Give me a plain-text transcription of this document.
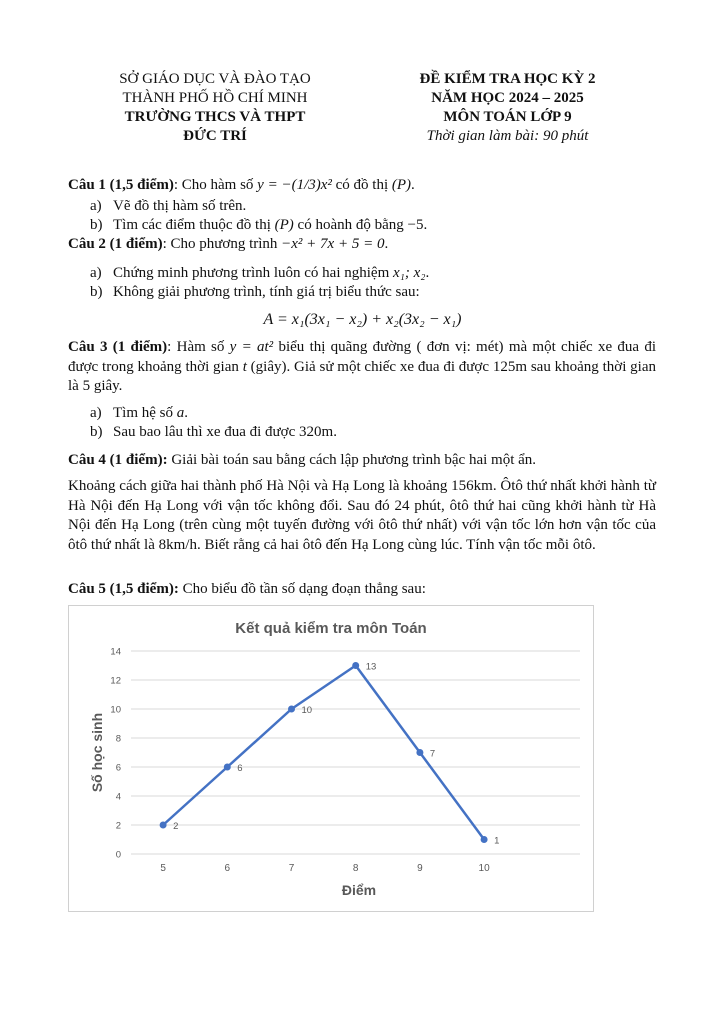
SỞ GIÁO DỤC VÀ ĐÀO TẠO
THÀNH PHỐ HỒ CHÍ MINH
TRƯỜNG THCS VÀ THPT
ĐỨC TRÍ
ĐỀ KIỂM TRA HỌC KỲ 2
NĂM HỌC 2024 – 2025
MÔN TOÁN LỚP 9
Thời gian làm bài: 90 phút
Câu 1 (1,5 điểm): Cho hàm số y = −(1/3)x² có đồ thị (P).
a) Vẽ đồ thị hàm số trên.
b) Tìm các điểm thuộc đồ thị (P) có hoành độ bằng −5.
Câu 2 (1 điểm): Cho phương trình −x² + 7x + 5 = 0.
a) Chứng minh phương trình luôn có hai nghiệm x₁; x₂.
b) Không giải phương trình, tính giá trị biểu thức sau:
A = x₁(3x₁ − x₂) + x₂(3x₂ − x₁)
Câu 3 (1 điểm): Hàm số y = at² biểu thị quãng đường ( đơn vị: mét) mà một chiếc xe đua đi được trong khoảng thời gian t (giây). Giả sử một chiếc xe đua đi được 125m sau khoảng thời gian là 5 giây.
a) Tìm hệ số a.
b) Sau bao lâu thì xe đua đi được 320m.
Câu 4 (1 điểm): Giải bài toán sau bằng cách lập phương trình bậc hai một ẩn.
Khoảng cách giữa hai thành phố Hà Nội và Hạ Long là khoảng 156km. Ôtô thứ nhất khởi hành từ Hà Nội đến Hạ Long với vận tốc không đổi. Sau đó 24 phút, ôtô thứ hai cũng khởi hành từ Hà Nội đến Hạ Long (trên cùng một tuyến đường với ôtô thứ nhất) với vận tốc lớn hơn vận tốc của ôtô thứ nhất là 8km/h. Biết rằng cả hai ôtô đến Hạ Long cùng lúc. Tính vận tốc mỗi ôtô.
Câu 5 (1,5 điểm): Cho biểu đồ tần số dạng đoạn thẳng sau:
Kết quả kiểm tra môn Toán
0
2
4
6
8
10
12
14
5	6	7	8	9	10
Điểm
Số học sinh
2
6
10
13
7
1
